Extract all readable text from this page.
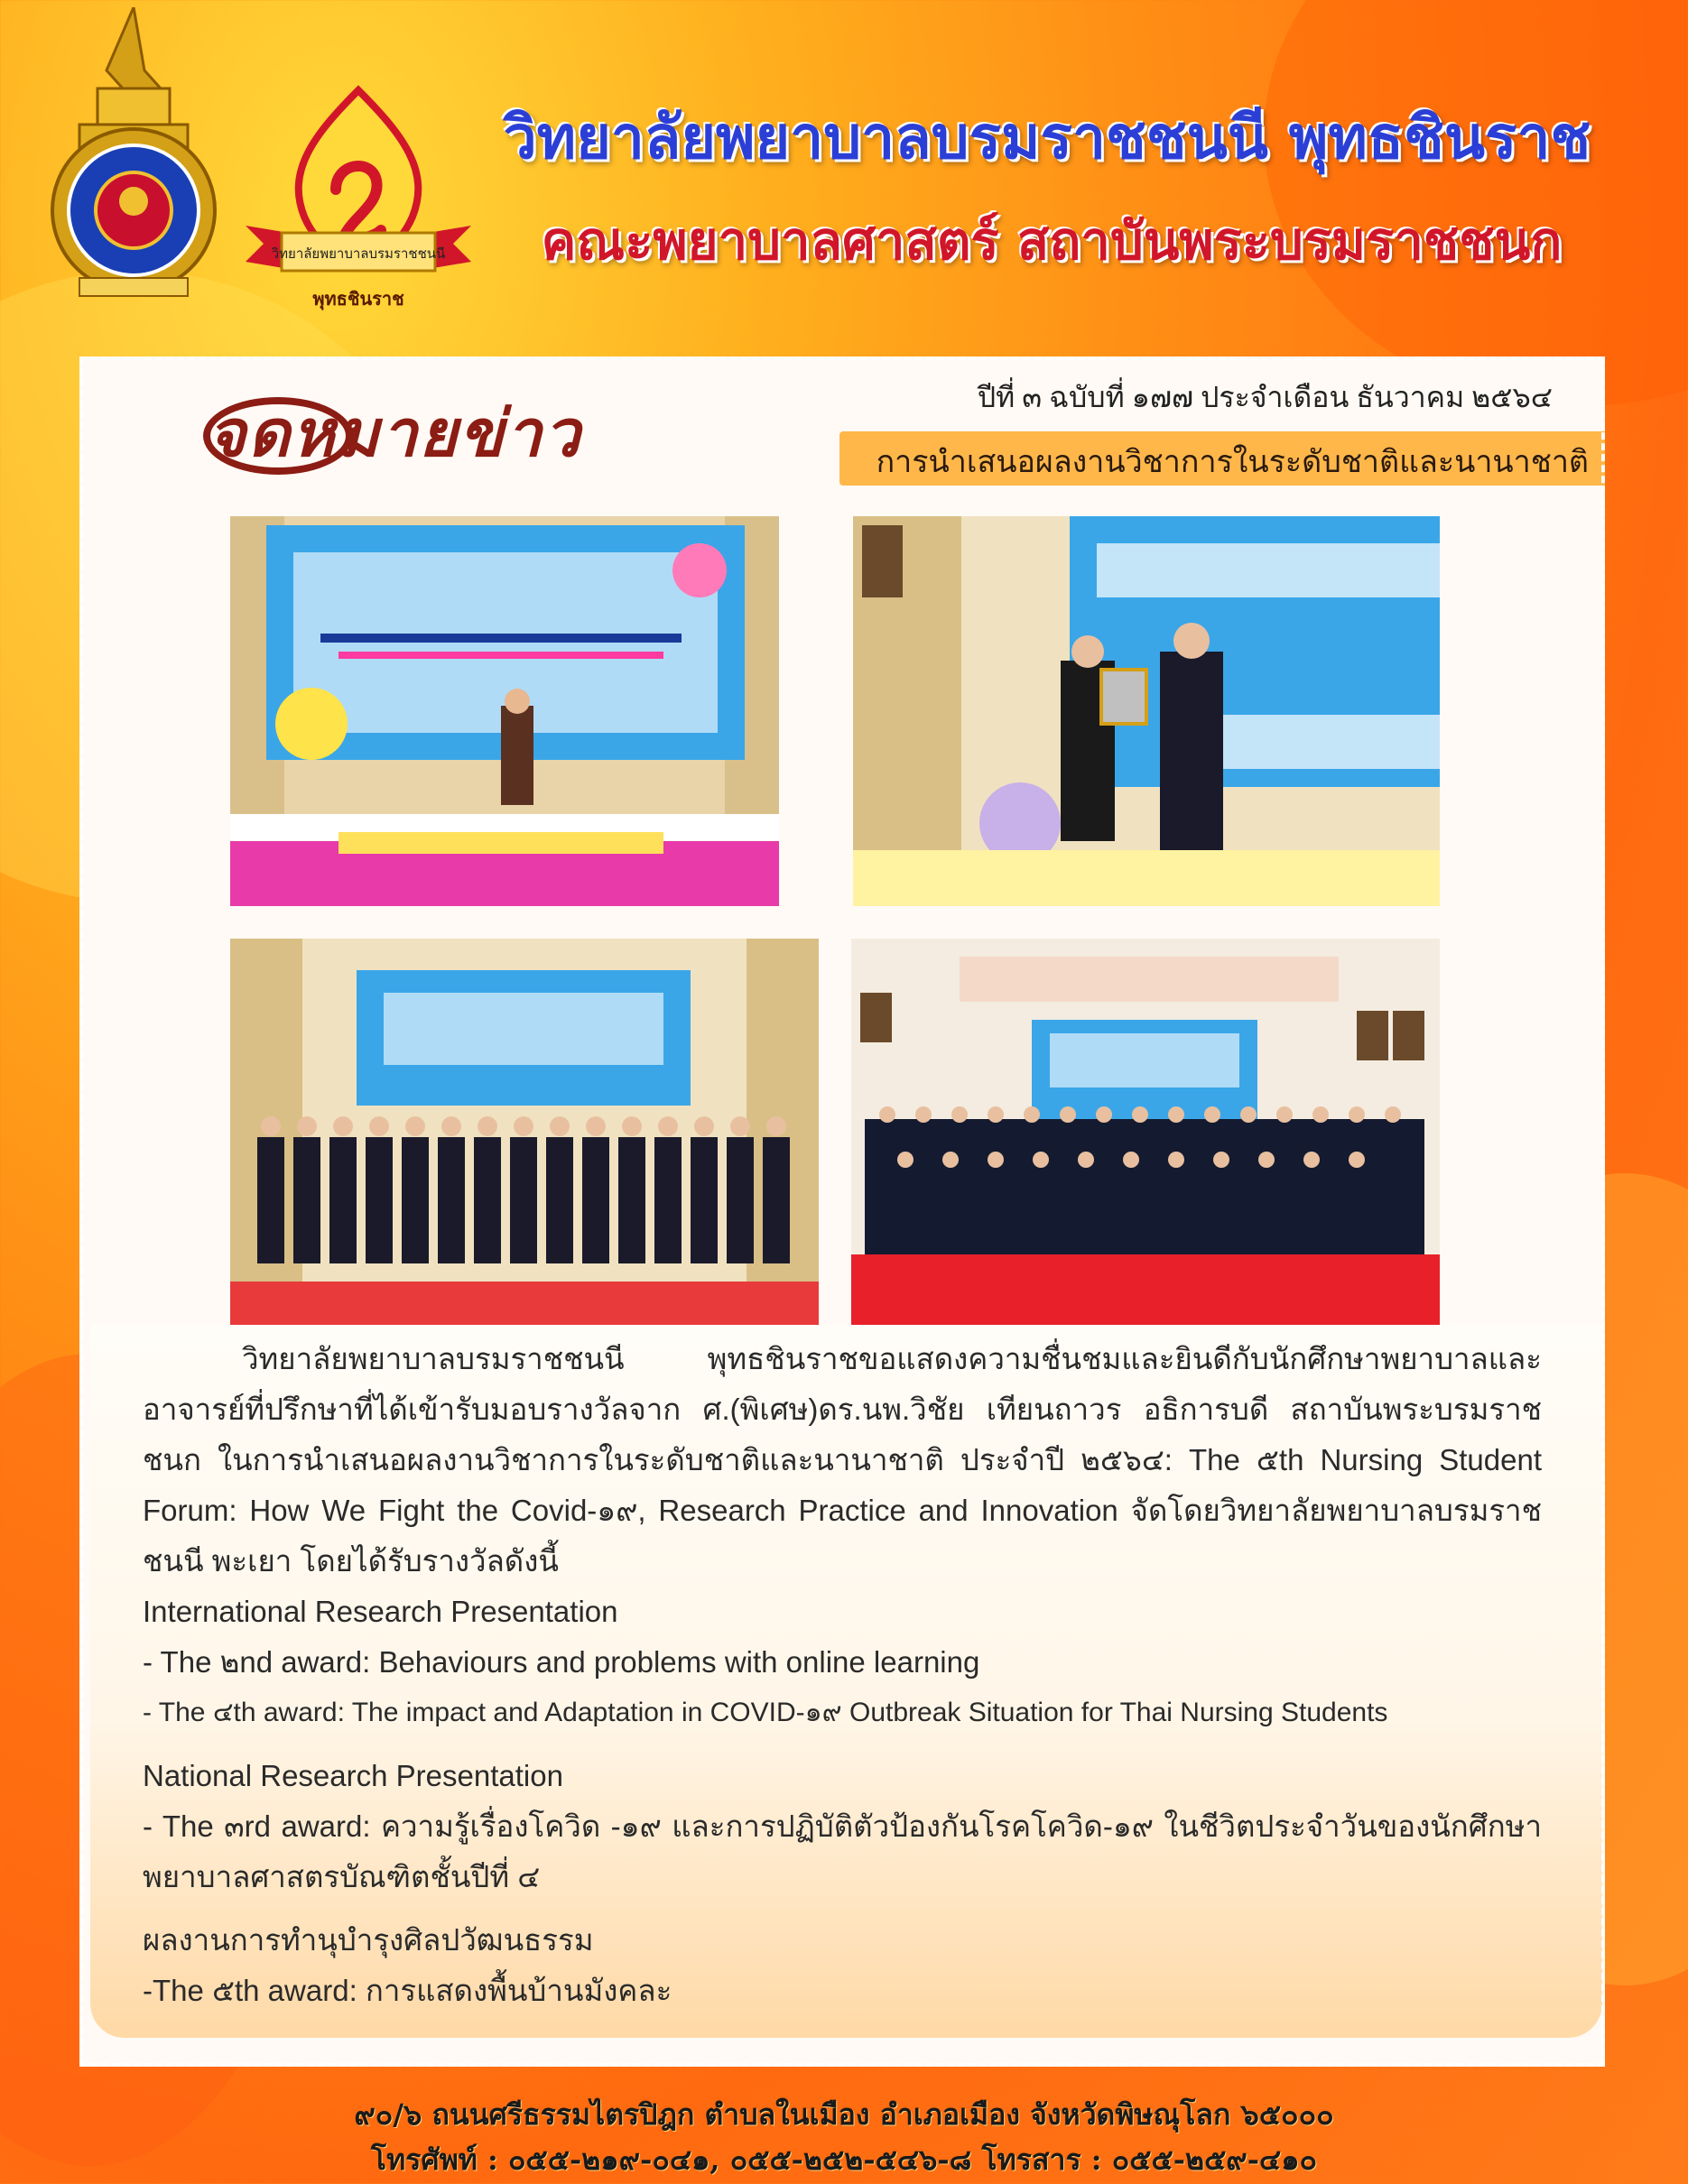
วิทยาลัยพยาบาลบรมราชชนนี
พุทธชินราช
วิทยาลัยพยาบาลบรมราชชนนี พุทธชินราช
คณะพยาบาลศาสตร์ สถาบันพระบรมราชชนก
จดหมายข่าว	ปีที่ ๓ ฉบับที่ ๑๗๗ ประจำเดือน ธันวาคม ๒๕๖๔
การนำเสนอผลงานวิชาการในระดับชาติและนานาชาติ

วิทยาลัยพยาบาลบรมราชชนนี พุทธชินราชขอแสดงความชื่นชมและยินดีกับนักศึกษาพยาบาลและอาจารย์ที่ปรึกษาที่ได้เข้ารับมอบรางวัลจาก ศ.(พิเศษ)ดร.นพ.วิชัย เทียนถาวร อธิการบดี สถาบันพระบรมราชชนก ในการนำเสนอผลงานวิชาการในระดับชาติและนานาชาติ ประจำปี ๒๕๖๔: The ๕th Nursing Student Forum: How We Fight the Covid-๑๙, Research Practice and Innovation จัดโดยวิทยาลัยพยาบาลบรมราชชนนี พะเยา โดยได้รับรางวัลดังนี้

International Research Presentation

- The ๒nd award: Behaviours and problems with online learning

- The ๔th award: The impact and Adaptation in COVID-๑๙ Outbreak Situation for Thai Nursing Students

National Research Presentation

- The ๓rd award: ความรู้เรื่องโควิด -๑๙ และการปฏิบัติตัวป้องกันโรคโควิด-๑๙ ในชีวิตประจำวันของนักศึกษาพยาบาลศาสตรบัณฑิตชั้นปีที่ ๔

ผลงานการทำนุบำรุงศิลปวัฒนธรรม

-The ๕th award: การแสดงพื้นบ้านมังคละ

๙๐/๖ ถนนศรีธรรมไตรปิฎก ตำบลในเมือง อำเภอเมือง จังหวัดพิษณุโลก ๖๕๐๐๐
โทรศัพท์ : ๐๕๕-๒๑๙-๐๔๑, ๐๕๕-๒๕๒-๕๔๖-๘ โทรสาร : ๐๕๕-๒๕๙-๔๑๐
